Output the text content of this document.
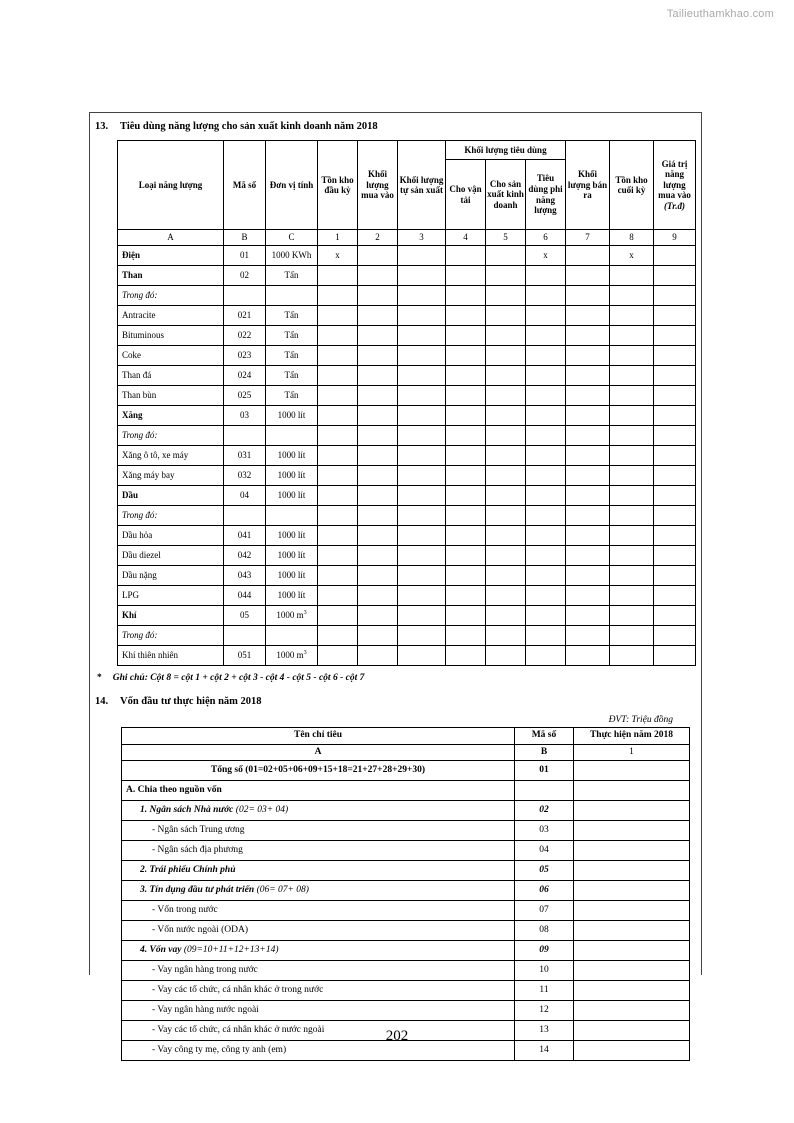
Tailieuthamkhao.com
13. Tiêu dùng năng lượng cho sản xuất kinh doanh năm 2018
Loại năng lượng	Mã số	Đơn vị tính	Tồn kho đầu kỳ	Khối lượng mua vào	Khối lượng tự sản xuất	Khối lượng tiêu dùng			Khối lượng bán ra	Tồn kho cuối kỳ	Giá trị năng lượng mua vào
(Tr.đ)

						Cho vận tải	Cho sản xuất kinh doanh	Tiêu dùng phi năng lượng			
A	B	C	1	2	3	4	5	6	7	8	9
Điện	01	1000 KWh	x					x		x	
Than	02	Tấn									
Trong đó:											
Antracite	021	Tấn									
Bituminous	022	Tấn									
Coke	023	Tấn									
Than đá	024	Tấn									
Than bùn	025	Tấn									
Xăng	03	1000 lít									
Trong đó:											
Xăng ô tô, xe máy	031	1000 lít									
Xăng máy bay	032	1000 lít									
Dầu	04	1000 lít									
Trong đó:											
Dầu hỏa	041	1000 lít									
Dầu diezel	042	1000 lít									
Dầu nặng	043	1000 lít									
LPG	044	1000 lít									
Khí	05	1000 $m^3$									
Trong đó:											
Khí thiên nhiên	051	1000 $m^3$									
* Ghi chú: Cột 8 = cột 1 + cột 2 + cột 3 - cột 4 - cột 5 - cột 6 - cột 7
14. Vốn đầu tư thực hiện năm 2018
ĐVT: Triệu đồng
Tên chỉ tiêu	Mã số	Thực hiện năm 2018
A	B	1
Tổng số (01=02+05+06+09+15+18=21+27+28+29+30)	01	
A. Chia theo nguồn vốn		
1. Ngân sách Nhà nước (02= 03+ 04)	02	
- Ngân sách Trung ương	03	
- Ngân sách địa phương	04	
2. Trái phiếu Chính phủ	05	
3. Tín dụng đầu tư phát triển (06= 07+ 08)	06	
- Vốn trong nước	07	
- Vốn nước ngoài (ODA)	08	
4. Vốn vay (09=10+11+12+13+14)	09	
- Vay ngân hàng trong nước	10	
- Vay các tổ chức, cá nhân khác ở trong nước	11	
- Vay ngân hàng nước ngoài	12	
- Vay các tổ chức, cá nhân khác ở nước ngoài	13	
- Vay công ty mẹ, công ty anh (em)	14	
202
